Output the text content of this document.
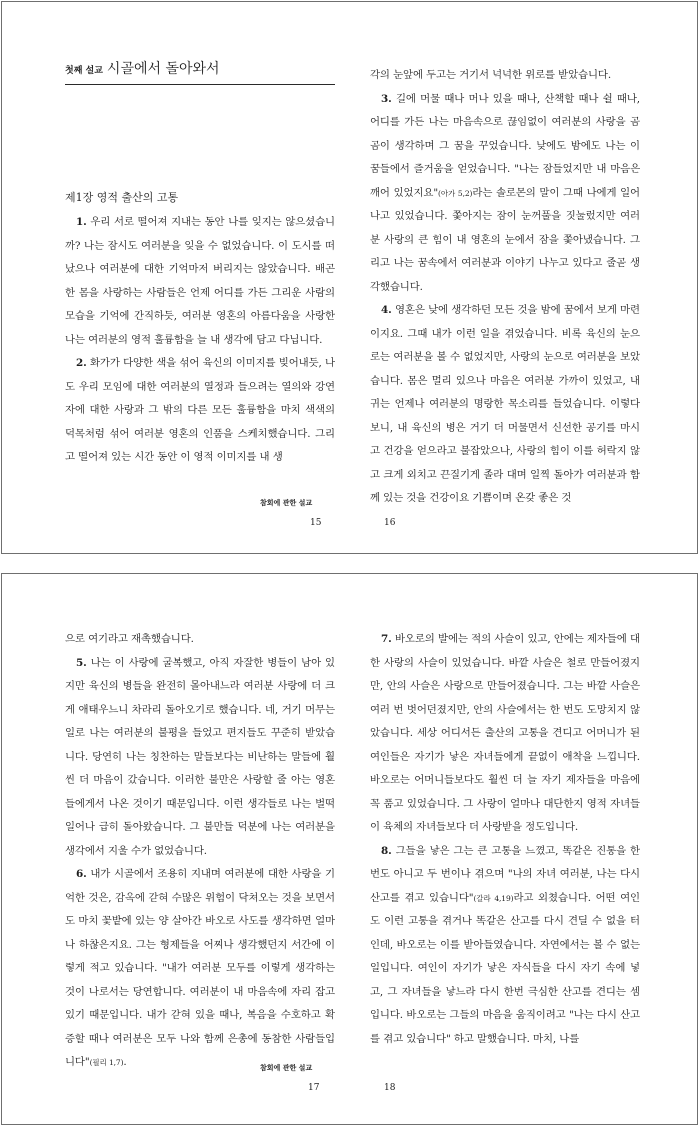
첫째 설교 시골에서 돌아와서
제1장 영적 출산의 고통

1. 우리 서로 떨어져 지내는 동안 나를 잊지는 않으셨습니까? 나는 잠시도 여러분을 잊을 수 없었습니다. 이 도시를 떠났으나 여러분에 대한 기억마저 버리지는 않았습니다. 배곤한 몸을 사랑하는 사람들은 언제 어디를 가든 그리운 사람의 모습을 기억에 간직하듯, 여러분 영혼의 아름다움을 사랑한 나는 여러분의 영적 훌륭함을 늘 내 생각에 담고 다닙니다.

2. 화가가 다양한 색을 섞어 육신의 이미지를 빚어내듯, 나도 우리 모임에 대한 여러분의 열정과 들으려는 열의와 강연자에 대한 사랑과 그 밖의 다른 모든 훌륭함을 마치 색색의 덕목처럼 섞어 여러분 영혼의 인품을 스케치했습니다. 그리고 떨어져 있는 시간 동안 이 영적 이미지를 내 생

참회에 관한 설교
15

각의 눈앞에 두고는 거기서 넉넉한 위로를 받았습니다.

3. 길에 머물 때나 머나 있을 때나, 산책할 때나 쉴 때나, 어디를 가든 나는 마음속으로 끊임없이 여러분의 사랑을 곰곰이 생각하며 그 꿈을 꾸었습니다. 낮에도 밤에도 나는 이 꿈들에서 즐거움을 얻었습니다. "나는 잠들었지만 내 마음은 깨어 있었지요"(아가 5,2)라는 솔로몬의 말이 그때 나에게 일어나고 있었습니다. 쫓아지는 잠이 눈꺼풀을 짓눌렀지만 여러분 사랑의 큰 힘이 내 영혼의 눈에서 잠을 쫓아냈습니다. 그리고 나는 꿈속에서 여러분과 이야기 나누고 있다고 줄곧 생각했습니다.

4. 영혼은 낮에 생각하던 모든 것을 밤에 꿈에서 보게 마련이지요. 그때 내가 이런 일을 겪었습니다. 비록 육신의 눈으로는 여러분을 볼 수 없었지만, 사랑의 눈으로 여러분을 보았습니다. 몸은 멀리 있으나 마음은 여러분 가까이 있었고, 내 귀는 언제나 여러분의 명랑한 목소리를 들었습니다. 이렇다 보니, 내 육신의 병은 거기 더 머물면서 신선한 공기를 마시고 건강을 얻으라고 불잡았으나, 사랑의 힘이 이를 허락지 않고 크게 외치고 끈질기게 졸라 대며 일찍 돌아가 여러분과 함께 있는 것을 건강이요 기쁨이며 온갖 좋은 것

16

으로 여기라고 재촉했습니다.

5. 나는 이 사랑에 굴복했고, 아직 자잘한 병들이 남아 있지만 육신의 병들을 완전히 몰아내느라 여러분 사랑에 더 크게 애태우느니 차라리 돌아오기로 했습니다. 네, 거기 머무는 일로 나는 여러분의 불평을 들었고 편지들도 꾸준히 받았습니다. 당연히 나는 칭찬하는 말들보다는 비난하는 말들에 훨씬 더 마음이 갔습니다. 이러한 불만은 사랑할 줄 아는 영혼들에게서 나온 것이기 때문입니다. 이런 생각들로 나는 벌떡 일어나 급히 돌아왔습니다. 그 불만들 덕분에 나는 여러분을 생각에서 지울 수가 없었습니다.

6. 내가 시골에서 조용히 지내며 여러분에 대한 사랑을 기억한 것은, 감옥에 갇혀 수많은 위험이 닥쳐오는 것을 보면서도 마치 꽃밭에 있는 양 살아간 바오로 사도를 생각하면 얼마나 하찮은지요. 그는 형제들을 어찌나 생각했던지 서간에 이렇게 적고 있습니다. "내가 여러분 모두를 이렇게 생각하는 것이 나로서는 당연합니다. 여러분이 내 마음속에 자리 잡고 있기 때문입니다. 내가 갇혀 있을 때나, 복음을 수호하고 확증할 때나 여러분은 모두 나와 함께 은총에 동참한 사람들입니다"(필리 1,7).	참회에 관한 설교
17

7. 바오로의 발에는 적의 사슬이 있고, 안에는 제자들에 대한 사랑의 사슬이 있었습니다. 바깥 사슬은 철로 만들어졌지만, 안의 사슬은 사랑으로 만들어졌습니다. 그는 바깥 사슬은 여러 번 벗어던졌지만, 안의 사슬에서는 한 번도 도망치지 않았습니다. 세상 어디서든 출산의 고통을 견디고 어머니가 된 여인들은 자기가 낳은 자녀들에게 끝없이 애착을 느낍니다. 바오로는 어머니들보다도 훨씬 더 늘 자기 제자들을 마음에 꼭 품고 있었습니다. 그 사랑이 얼마나 대단한지 영적 자녀들이 육체의 자녀들보다 더 사랑받을 정도입니다.

8. 그들을 낳은 그는 큰 고통을 느꼈고, 똑같은 진통을 한 번도 아니고 두 번이나 겪으며 "나의 자녀 여러분, 나는 다시 산고를 겪고 있습니다"(갈라 4,19)라고 외쳤습니다. 어떤 여인도 이런 고통을 겪거나 똑같은 산고를 다시 견딜 수 없을 터인데, 바오로는 이를 받아들였습니다. 자연에서는 볼 수 없는 일입니다. 여인이 자기가 낳은 자식들을 다시 자기 속에 넣고, 그 자녀들을 낳느라 다시 한번 극심한 산고를 견디는 셈입니다. 바오로는 그들의 마음을 움직이려고 "나는 다시 산고를 겪고 있습니다" 하고 말했습니다. 마치, 나를

18
